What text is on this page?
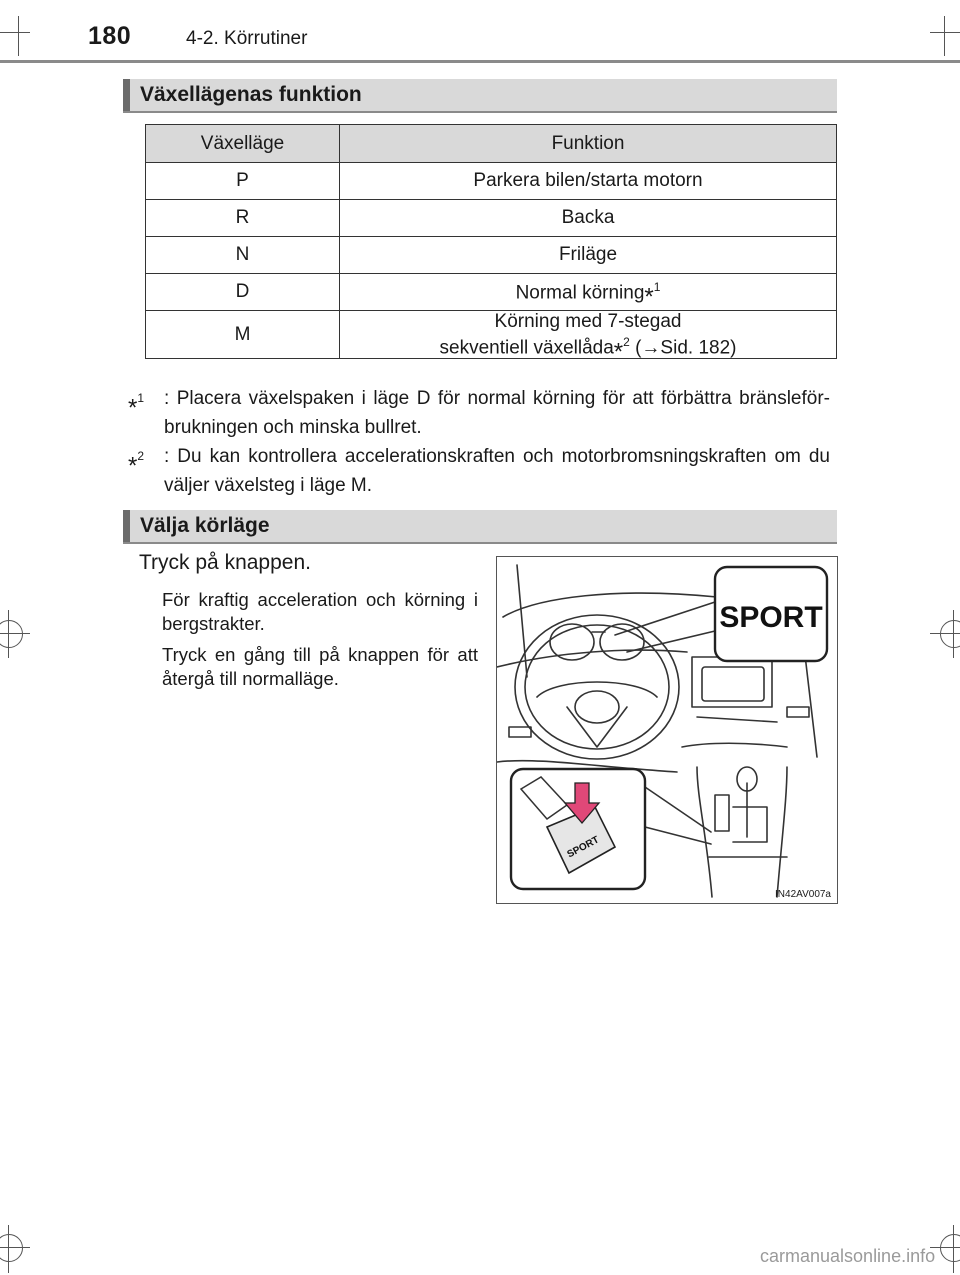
180	4-2. Körrutiner
Växellägenas funktion
Växelläge	Funktion
P	Parkera bilen/starta motorn
R	Backa
N	Friläge
D	Normal körning*$^1$
M	Körning med 7-stegad
sekventiell växellåda*$^2$ (→Sid. 182)
*$^1$ : Placera växelspaken i läge D för normal körning för att förbättra bränsleför-brukningen och minska bullret.
*$^2$ : Du kan kontrollera accelerationskraften och motorbromsningskraften om du väljer växelsteg i läge M.
Välja körläge
Tryck på knappen.
För kraftig acceleration och körning i bergstrakter.
Tryck en gång till på knappen för att återgå till normalläge.
SPORT
SPORT
IN42AV007a
carmanualsonline.info
